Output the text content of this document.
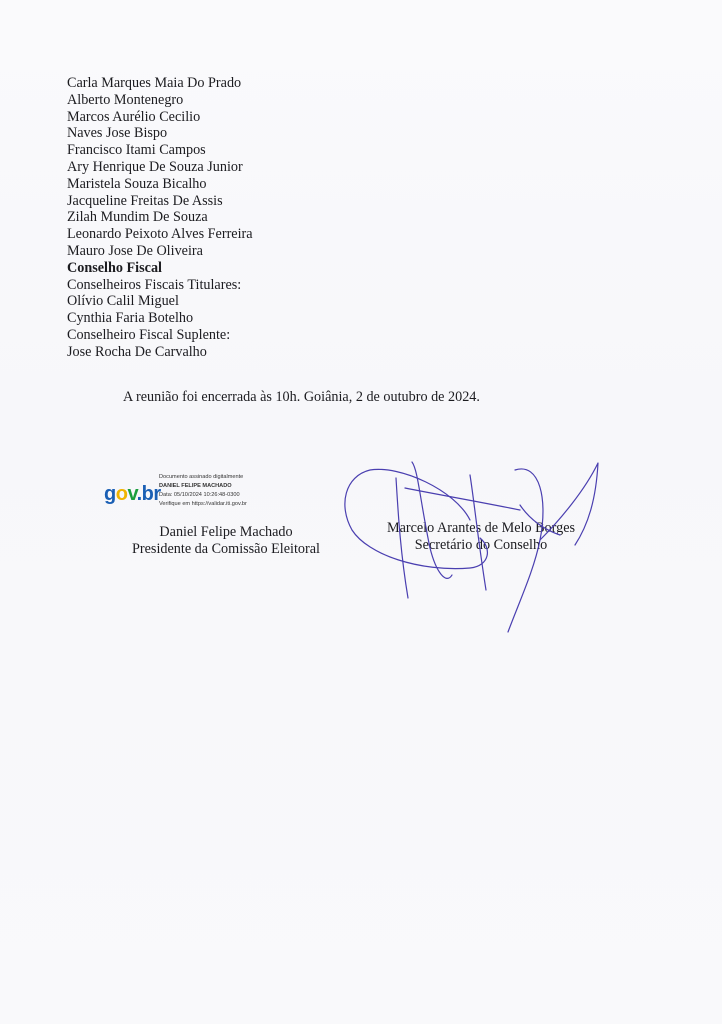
Carla Marques Maia Do Prado
Alberto Montenegro
Marcos Aurélio Cecilio
Naves Jose Bispo
Francisco Itami Campos
Ary Henrique De Souza Junior
Maristela Souza Bicalho
Jacqueline Freitas De Assis
Zilah Mundim De Souza
Leonardo Peixoto Alves Ferreira
Mauro Jose De Oliveira
Conselho Fiscal
Conselheiros Fiscais Titulares:
Olívio Calil Miguel
Cynthia Faria Botelho
Conselheiro Fiscal Suplente:
Jose Rocha De Carvalho
A reunião foi encerrada às 10h. Goiânia, 2 de outubro de 2024.
gov.br
Documento assinado digitalmente
DANIEL FELIPE MACHADO
Data: 05/10/2024 10:26:48-0300
Verifique em https://validar.iti.gov.br
Daniel Felipe Machado
Presidente da Comissão Eleitoral
Marcelo Arantes de Melo Borges
Secretário do Conselho
